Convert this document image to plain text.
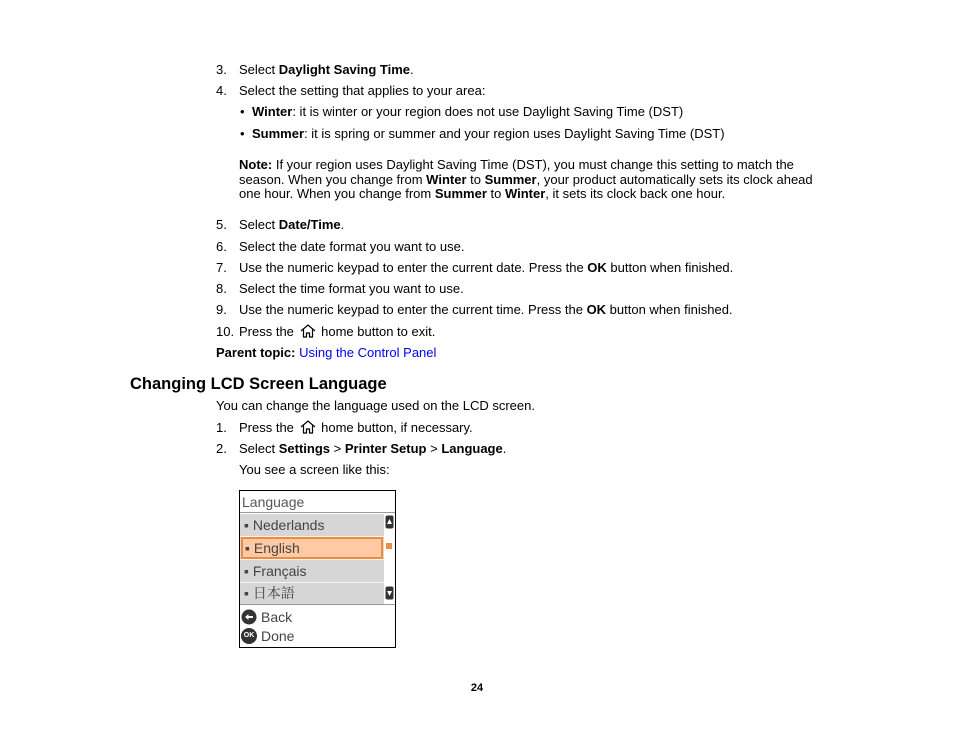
3. Select Daylight Saving Time.
4. Select the setting that applies to your area:
• Winter: it is winter or your region does not use Daylight Saving Time (DST)
• Summer: it is spring or summer and your region uses Daylight Saving Time (DST)
Note: If your region uses Daylight Saving Time (DST), you must change this setting to match the
season. When you change from Winter to Summer, your product automatically sets its clock ahead
one hour. When you change from Summer to Winter, it sets its clock back one hour.
5. Select Date/Time.
6. Select the date format you want to use.
7. Use the numeric keypad to enter the current date. Press the OK button when finished.
8. Select the time format you want to use.
9. Use the numeric keypad to enter the current time. Press the OK button when finished.
10. Press the  home button to exit.
Parent topic: Using the Control Panel
Changing LCD Screen Language
You can change the language used on the LCD screen.
1. Press the  home button, if necessary.
2. Select Settings > Printer Setup > Language.
You see a screen like this:
Language
▪ Nederlands
▪ English
▪ Français
▪ 日本語
Back
OK Done
24
